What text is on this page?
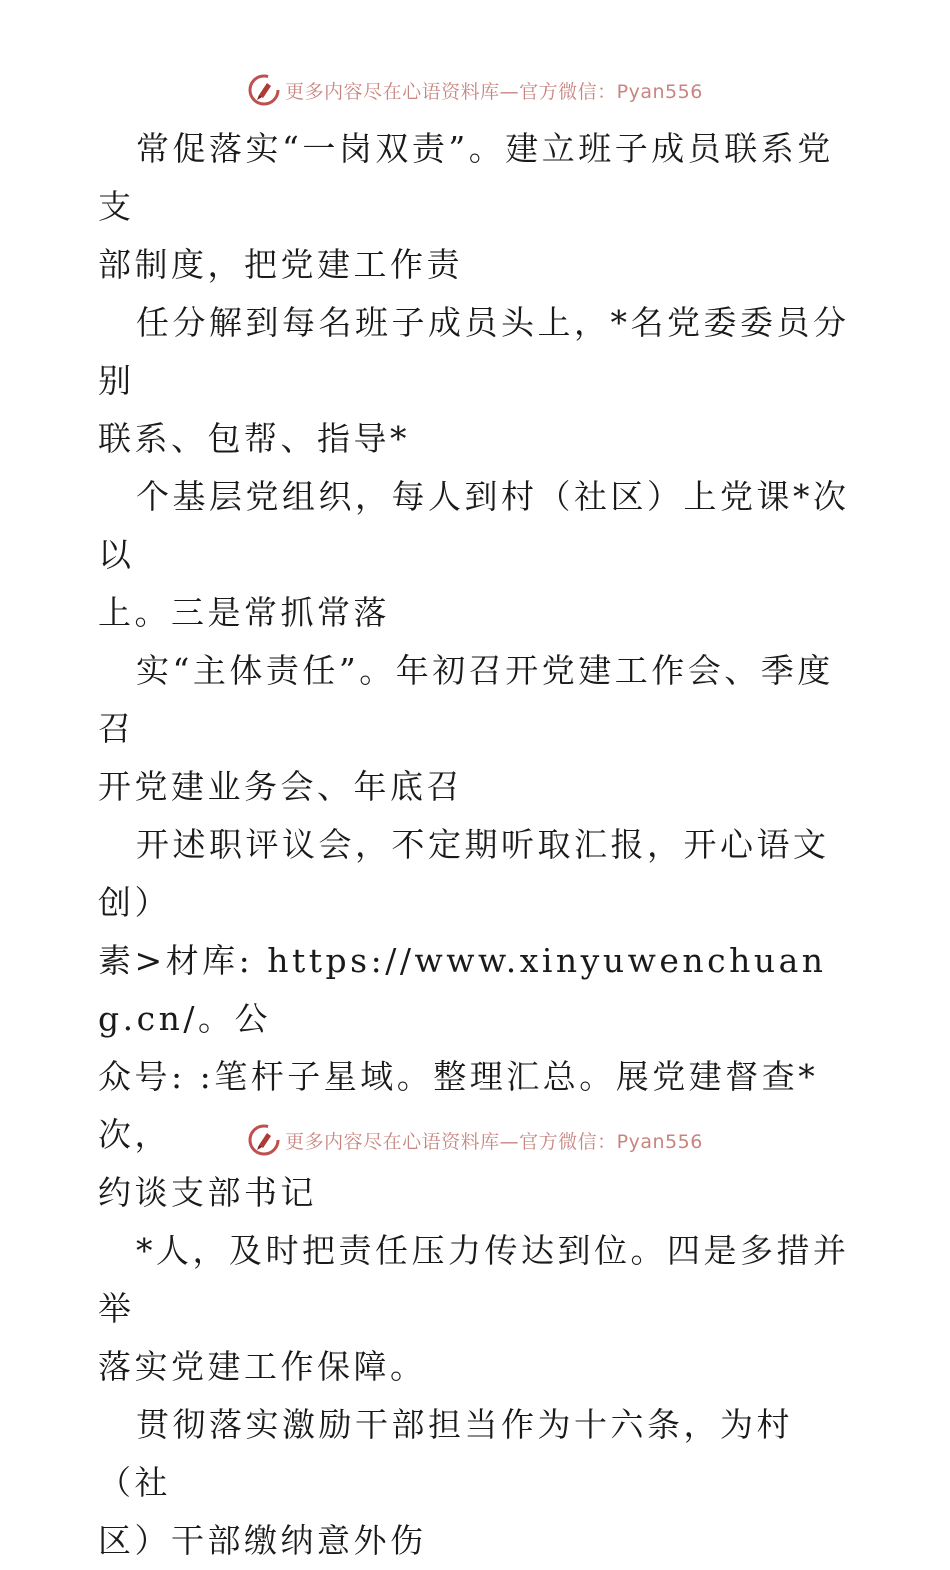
更多内容尽在心语资料库—官方微信：Pyan556

常促落实“一岗双责”。建立班子成员联系党支
部制度，把党建工作责

任分解到每名班子成员头上，*名党委委员分别
联系、包帮、指导*

个基层党组织，每人到村（社区）上党课*次以
上。三是常抓常落

实“主体责任”。年初召开党建工作会、季度召
开党建业务会、年底召

开述职评议会，不定期听取汇报，开心语文创）
素>材库: https://www.xinyuwenchuang.cn/。公
众号: :笔杆子星域。整理汇总。展党建督查*次，
约谈支部书记

*人，及时把责任压力传达到位。四是多措并举
落实党建工作保障。

贯彻落实激励干部担当作为十六条，为村（社
区）干部缴纳意外伤

更多内容尽在心语资料库—官方微信：Pyan556
